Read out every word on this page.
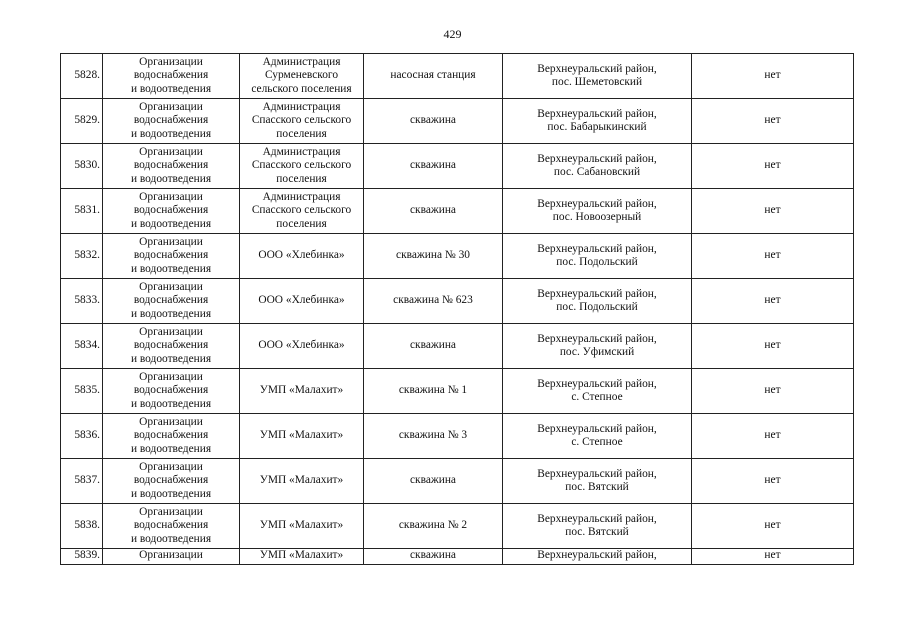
429
5828.	Организации
водоснабжения
и водоотведения	Администрация
Сурменевского
сельского поселения	насосная станция	Верхнеуральский район,
пос. Шеметовский	нет

5829.	Организации
водоснабжения
и водоотведения	Администрация
Спасского сельского
поселения	скважина	Верхнеуральский район,
пос. Бабарыкинский	нет

5830.	Организации
водоснабжения
и водоотведения	Администрация
Спасского сельского
поселения	скважина	Верхнеуральский район,
пос. Сабановский	нет

5831.	Организации
водоснабжения
и водоотведения	Администрация
Спасского сельского
поселения	скважина	Верхнеуральский район,
пос. Новоозерный	нет

5832.	Организации
водоснабжения
и водоотведения	ООО «Хлебинка»	скважина № 30	Верхнеуральский район,
пос. Подольский	нет

5833.	Организации
водоснабжения
и водоотведения	ООО «Хлебинка»	скважина № 623	Верхнеуральский район,
пос. Подольский	нет

5834.	Организации
водоснабжения
и водоотведения	ООО «Хлебинка»	скважина	Верхнеуральский район,
пос. Уфимский	нет

5835.	Организации
водоснабжения
и водоотведения	УМП «Малахит»	скважина № 1	Верхнеуральский район,
с. Степное	нет

5836.	Организации
водоснабжения
и водоотведения	УМП «Малахит»	скважина № 3	Верхнеуральский район,
с. Степное	нет

5837.	Организации
водоснабжения
и водоотведения	УМП «Малахит»	скважина	Верхнеуральский район,
пос. Вятский	нет

5838.	Организации
водоснабжения
и водоотведения	УМП «Малахит»	скважина № 2	Верхнеуральский район,
пос. Вятский	нет

5839.	Организации	УМП «Малахит»	скважина	Верхнеуральский район,	нет
